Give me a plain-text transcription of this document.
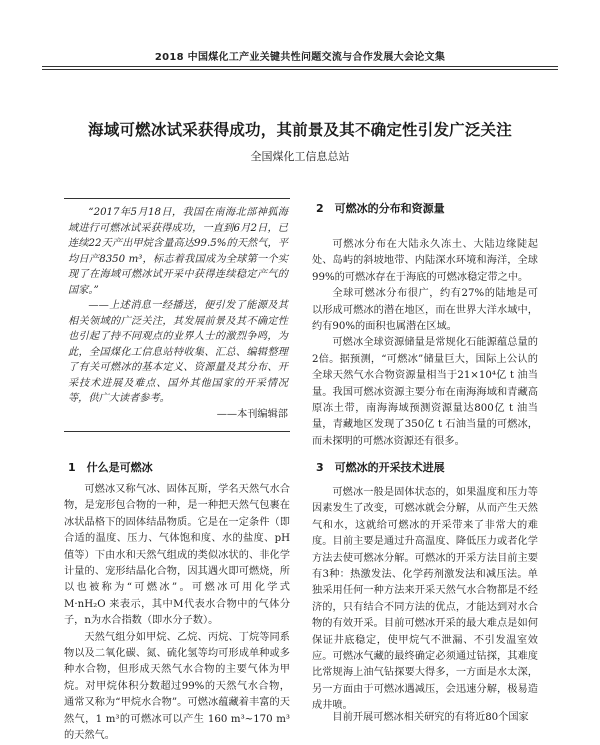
2018 中国煤化工产业关键共性问题交流与合作发展大会论文集
海域可燃冰试采获得成功，其前景及其不确定性引发广泛关注
全国煤化工信息总站

“2017年5月18日，我国在南海北部神狐海域进行可燃冰试采获得成功，一直到6月2日，已连续22天产出甲烷含量高达99.5%的天然气，平均日产8350 m³，标志着我国成为全球第一个实现了在海域可燃冰试开采中获得连续稳定产气的国家。”

——上述消息一经播送，便引发了能源及其相关领域的广泛关注，其发展前景及其不确定性也引起了持不同观点的业界人士的激烈争鸣，为此，全国煤化工信息站特收集、汇总、编辑整理了有关可燃冰的基本定义、资源量及其分布、开采技术进展及难点、国外其他国家的开采情况等，供广大读者参考。

——本刊编辑部

1　什么是可燃冰

可燃冰又称气冰、固体瓦斯，学名天然气水合物，是宠形包合物的一种，是一种把天然气包裹在冰状晶格下的固体结晶物质。它是在一定条件（即合适的温度、压力、气体饱和度、水的盐度、pH值等）下由水和天然气组成的类似冰状的、非化学计量的、宠形结晶化合物，因其遇火即可燃烧，所以也被称为“可燃冰”。可燃冰可用化学式 M·nH₂O 来表示，其中M代表水合物中的气体分子，n为水合指数（即水分子数）。

天然气组分如甲烷、乙烷、丙烷、丁烷等同系物以及二氧化碳、氮、硫化氢等均可形成单种或多种水合物，但形成天然气水合物的主要气体为甲烷。对甲烷体积分数超过99%的天然气水合物，通常又称为“甲烷水合物”。可燃冰蕴藏着丰富的天然气，1 m³的可燃冰可以产生 160 m³~170 m³的天然气。

2　可燃冰的分布和资源量

可燃冰分布在大陆永久冻土、大陆边缘陡起处、岛屿的斜坡地带、内陆深水环境和海洋，全球99%的可燃冰存在于海底的可燃冰稳定带之中。

全球可燃冰分布很广，约有27%的陆地是可以形成可燃冰的潜在地区，而在世界大洋水域中，约有90%的面积也属潜在区域。

可燃冰全球资源储量是常规化石能源蕴总量的2倍。据预测，“可燃冰”储量巨大，国际上公认的全球天然气水合物资源量相当于21×10⁴亿 t 油当量。我国可燃冰资源主要分布在南海海域和青藏高原冻土带，南海海域预测资源量达800亿 t 油当量，青藏地区发现了350亿 t 石油当量的可燃冰，而未探明的可燃冰资源还有很多。

3　可燃冰的开采技术进展

可燃冰一般是固体状态的，如果温度和压力等因素发生了改变，可燃冰就会分解，从而产生天然气和水，这就给可燃冰的开采带来了非常大的难度。目前主要是通过升高温度、降低压力或者化学方法去使可燃冰分解。可燃冰的开采方法目前主要有3种：热激发法、化学药剂激发法和减压法。单独采用任何一种方法来开采天然气水合物都是不经济的，只有结合不同方法的优点，才能达到对水合物的有效开采。目前可燃冰开采的最大难点是如何保证井底稳定，使甲烷气不泄漏、不引发温室效应。可燃冰气藏的最终确定必须通过钻探，其难度比常规海上油气钻探要大得多，一方面是水太深，另一方面由于可燃冰遇减压，会迅速分解，极易造成井喷。

目前开展可燃冰相关研究的有将近80个国家
